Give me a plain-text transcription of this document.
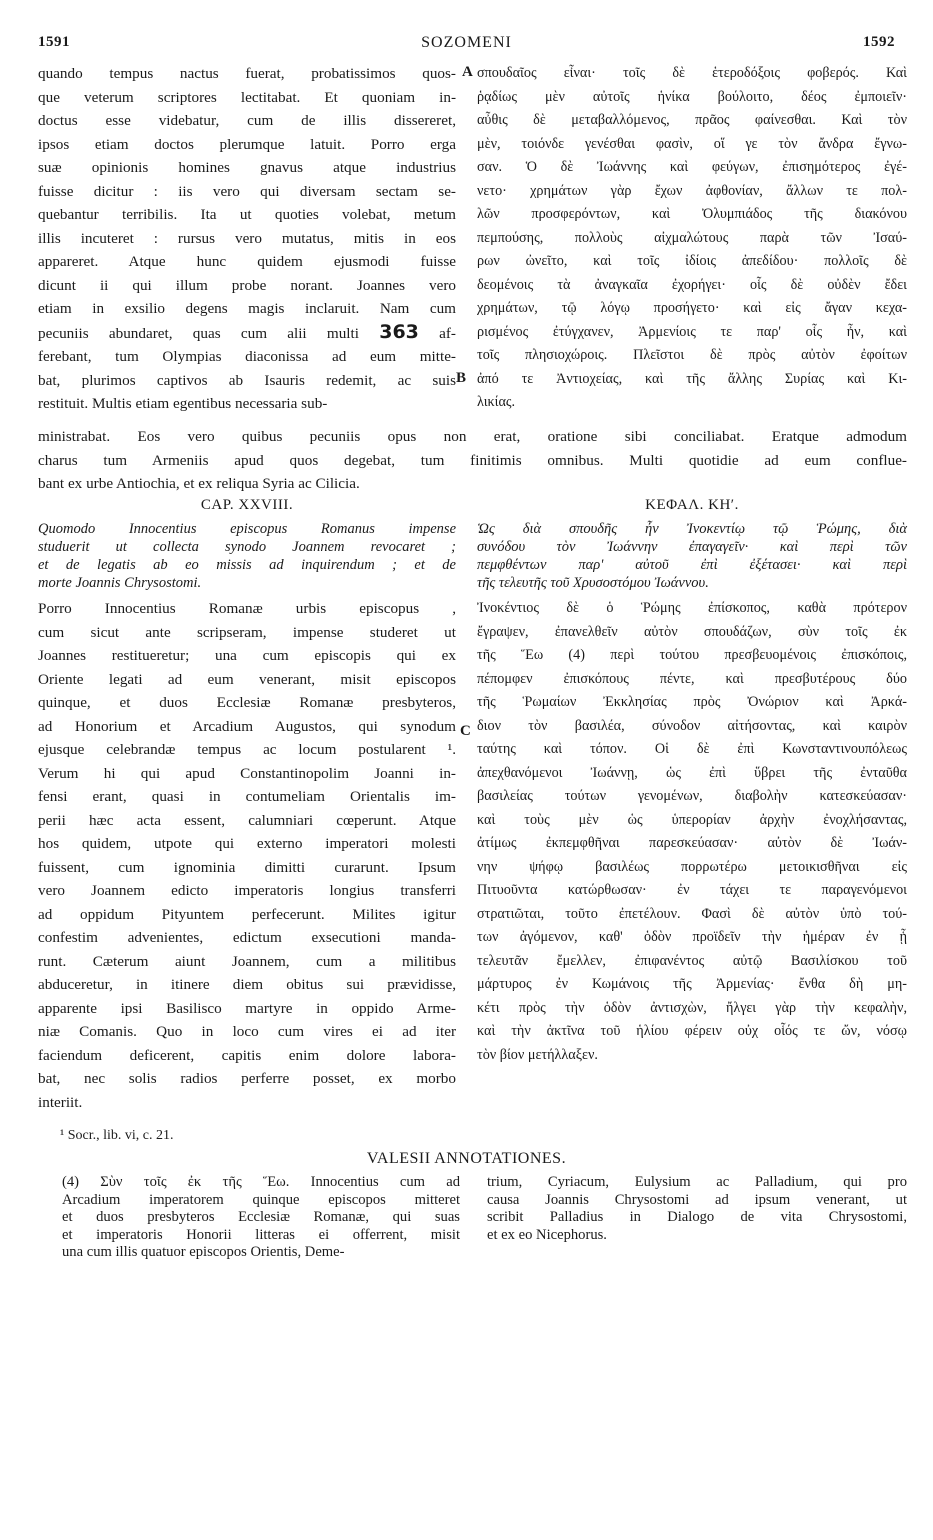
1591	SOZOMENI	1592
A
B
C
quando tempus nactus fuerat, probatissimos quos-
que veterum scriptores lectitabat. Et quoniam in-
doctus esse videbatur, cum de illis dissereret,
ipsos etiam doctos plerumque latuit. Porro erga
suæ opinionis homines gnavus atque industrius
fuisse dicitur : iis vero qui diversam sectam se-
quebantur terribilis. Ita ut quoties volebat, metum
illis incuteret : rursus vero mutatus, mitis in eos
appareret. Atque hunc quidem ejusmodi fuisse
dicunt ii qui illum probe norant. Joannes vero
etiam in exsilio degens magis inclaruit. Nam cum
pecuniis abundaret, quas cum alii multi 363 af-
ferebant, tum Olympias diaconissa ad eum mitte-
bat, plurimos captivos ab Isauris redemit, ac suis
restituit. Multis etiam egentibus necessaria sub-
σπουδαῖος εἶναι· τοῖς δὲ ἑτεροδόξοις φοβερός. Καὶ
ῥᾳδίως μὲν αὐτοῖς ἡνίκα βούλοιτο, δέος ἐμποιεῖν·
αὖθις δὲ μεταβαλλόμενος, πρᾶος φαίνεσθαι. Καὶ τὸν
μὲν, τοιόνδε γενέσθαι φασὶν, οἵ γε τὸν ἄνδρα ἔγνω-
σαν. Ὁ δὲ Ἰωάννης καὶ φεύγων, ἐπισημότερος ἐγέ-
νετο· χρημάτων γὰρ ἔχων ἀφθονίαν, ἄλλων τε πολ-
λῶν προσφερόντων, καὶ Ὀλυμπιάδος τῆς διακόνου
πεμπούσης, πολλοὺς αἰχμαλώτους παρὰ τῶν Ἰσαύ-
ρων ὠνεῖτο, καὶ τοῖς ἰδίοις ἀπεδίδου· πολλοῖς δὲ
δεομένοις τὰ ἀναγκαῖα ἐχορήγει· οἷς δὲ οὐδὲν ἔδει
χρημάτων, τῷ λόγῳ προσήγετο· καὶ εἰς ἄγαν κεχα-
ρισμένος ἐτύγχανεν, Ἀρμενίοις τε παρ' οἷς ἦν, καὶ
τοῖς πλησιοχώροις. Πλεῖστοι δὲ πρὸς αὐτὸν ἐφοίτων
ἀπό τε Ἀντιοχείας, καὶ τῆς ἄλλης Συρίας καὶ Κι-
λικίας.
ministrabat. Eos vero quibus pecuniis opus non erat, oratione sibi conciliabat. Eratque admodum
charus tum Armeniis apud quos degebat, tum finitimis omnibus. Multi quotidie ad eum conflue-
bant ex urbe Antiochia, et ex reliqua Syria ac Cilicia.
CAP. XXVIII.	ΚΕΦΑΛ. ΚΗʹ.
Quomodo Innocentius episcopus Romanus impense
studuerit ut collecta synodo Joannem revocaret ;
et de legatis ab eo missis ad inquirendum ; et de
morte Joannis Chrysostomi.
Ὡς διὰ σπουδῆς ἦν Ἰνοκεντίῳ τῷ Ῥώμης, διὰ
συνόδου τὸν Ἰωάννην ἐπαγαγεῖν· καὶ περὶ τῶν
πεμφθέντων παρ' αὐτοῦ ἐπὶ ἐξέτασει· καὶ περὶ
τῆς τελευτῆς τοῦ Χρυσοστόμου Ἰωάννου.
Porro Innocentius Romanæ urbis episcopus ,
cum sicut ante scripseram, impense studeret ut
Joannes restitueretur; una cum episcopis qui ex
Oriente legati ad eum venerant, misit episcopos
quinque, et duos Ecclesiæ Romanæ presbyteros,
ad Honorium et Arcadium Augustos, qui synodum
ejusque celebrandæ tempus ac locum postularent ¹.
Verum hi qui apud Constantinopolim Joanni in-
fensi erant, quasi in contumeliam Orientalis im-
perii hæc acta essent, calumniari cœperunt. Atque
hos quidem, utpote qui externo imperatori molesti
fuissent, cum ignominia dimitti curarunt. Ipsum
vero Joannem edicto imperatoris longius transferri
ad oppidum Pityuntem perfecerunt. Milites igitur
confestim advenientes, edictum exsecutioni manda-
runt. Cæterum aiunt Joannem, cum a militibus
abduceretur, in itinere diem obitus sui prævidisse,
apparente ipsi Basilisco martyre in oppido Arme-
niæ Comanis. Quo in loco cum vires ei ad iter
faciendum deficerent, capitis enim dolore labora-
bat, nec solis radios perferre posset, ex morbo
interiit.
Ἰνοκέντιος δὲ ὁ Ῥώμης ἐπίσκοπος, καθὰ πρότερον
ἔγραψεν, ἐπανελθεῖν αὐτὸν σπουδάζων, σὺν τοῖς ἐκ
τῆς Ἕω (4) περὶ τούτου πρεσβευομένοις ἐπισκόποις,
πέπομφεν ἐπισκόπους πέντε, καὶ πρεσβυτέρους δύο
τῆς Ῥωμαίων Ἐκκλησίας πρὸς Ὀνώριον καὶ Ἀρκά-
διον τὸν βασιλέα, σύνοδον αἰτήσοντας, καὶ καιρὸν
ταύτης καὶ τόπον. Οἱ δὲ ἐπὶ Κωνσταντινουπόλεως
ἀπεχθανόμενοι Ἰωάννῃ, ὡς ἐπὶ ὕβρει τῆς ἐνταῦθα
βασιλείας τούτων γενομένων, διαβολὴν κατεσκεύασαν·
καὶ τοὺς μὲν ὡς ὑπερορίαν ἀρχὴν ἐνοχλήσαντας,
ἀτίμως ἐκπεμφθῆναι παρεσκεύασαν· αὐτὸν δὲ Ἰωάν-
νην ψήφῳ βασιλέως πορρωτέρω μετοικισθῆναι εἰς
Πιτυοῦντα κατώρθωσαν· ἐν τάχει τε παραγενόμενοι
στρατιῶται, τοῦτο ἐπετέλουν. Φασὶ δὲ αὐτὸν ὑπὸ τού-
των ἀγόμενον, καθ' ὁδὸν προϊδεῖν τὴν ἡμέραν ἐν ᾗ
τελευτᾶν ἔμελλεν, ἐπιφανέντος αὐτῷ Βασιλίσκου τοῦ
μάρτυρος ἐν Κωμάνοις τῆς Ἀρμενίας· ἔνθα δὴ μη-
κέτι πρὸς τὴν ὁδὸν ἀντισχὼν, ἤλγει γὰρ τὴν κεφαλὴν,
καὶ τὴν ἀκτῖνα τοῦ ἡλίου φέρειν οὐχ οἷός τε ὤν, νόσῳ
τὸν βίον μετήλλαξεν.
¹ Socr., lib. vi, c. 21.
VALESII ANNOTATIONES.
(4) Σὺν τοῖς ἐκ τῆς Ἕω. Innocentius cum ad
Arcadium imperatorem quinque episcopos mitteret
et duos presbyteros Ecclesiæ Romanæ, qui suas
et imperatoris Honorii litteras ei offerrent, misit
una cum illis quatuor episcopos Orientis, Deme-
trium, Cyriacum, Eulysium ac Palladium, qui pro
causa Joannis Chrysostomi ad ipsum venerant, ut
scribit Palladius in Dialogo de vita Chrysostomi,
et ex eo Nicephorus.
